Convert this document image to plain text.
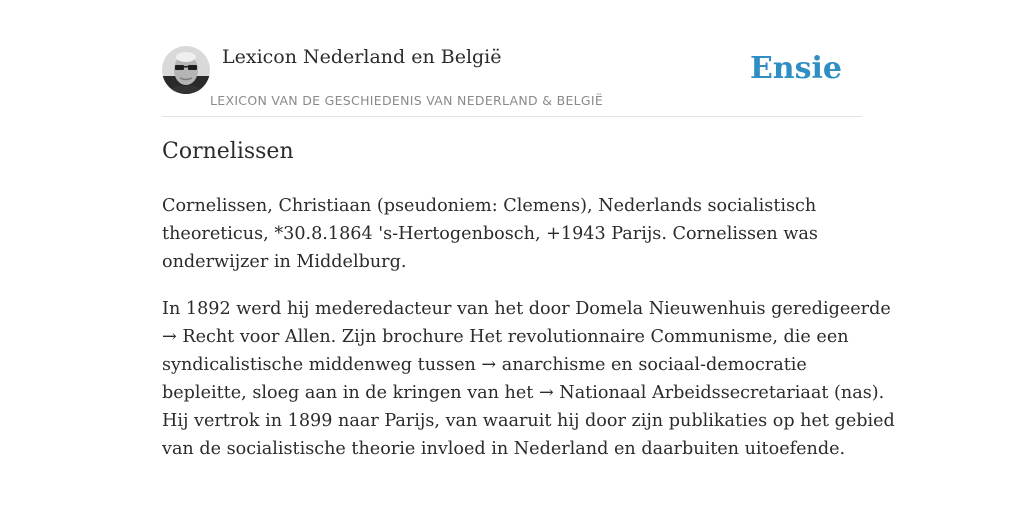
Lexicon Nederland en België
LEXICON VAN DE GESCHIEDENIS VAN NEDERLAND & BELGIË
Ensie
Cornelissen

Cornelissen, Christiaan (pseudoniem: Clemens), Nederlands socialistisch
theoreticus, *30.8.1864 's-Hertogenbosch, +1943 Parijs. Cornelissen was
onderwijzer in Middelburg.

In 1892 werd hij mederedacteur van het door Domela Nieuwenhuis geredigeerde
→ Recht voor Allen. Zijn brochure Het revolutionnaire Communisme, die een
syndicalistische middenweg tussen → anarchisme en sociaal-democratie
bepleitte, sloeg aan in de kringen van het → Nationaal Arbeidssecretariaat (nas).
Hij vertrok in 1899 naar Parijs, van waaruit hij door zijn publikaties op het gebied
van de socialistische theorie invloed in Nederland en daarbuiten uitoefende.
